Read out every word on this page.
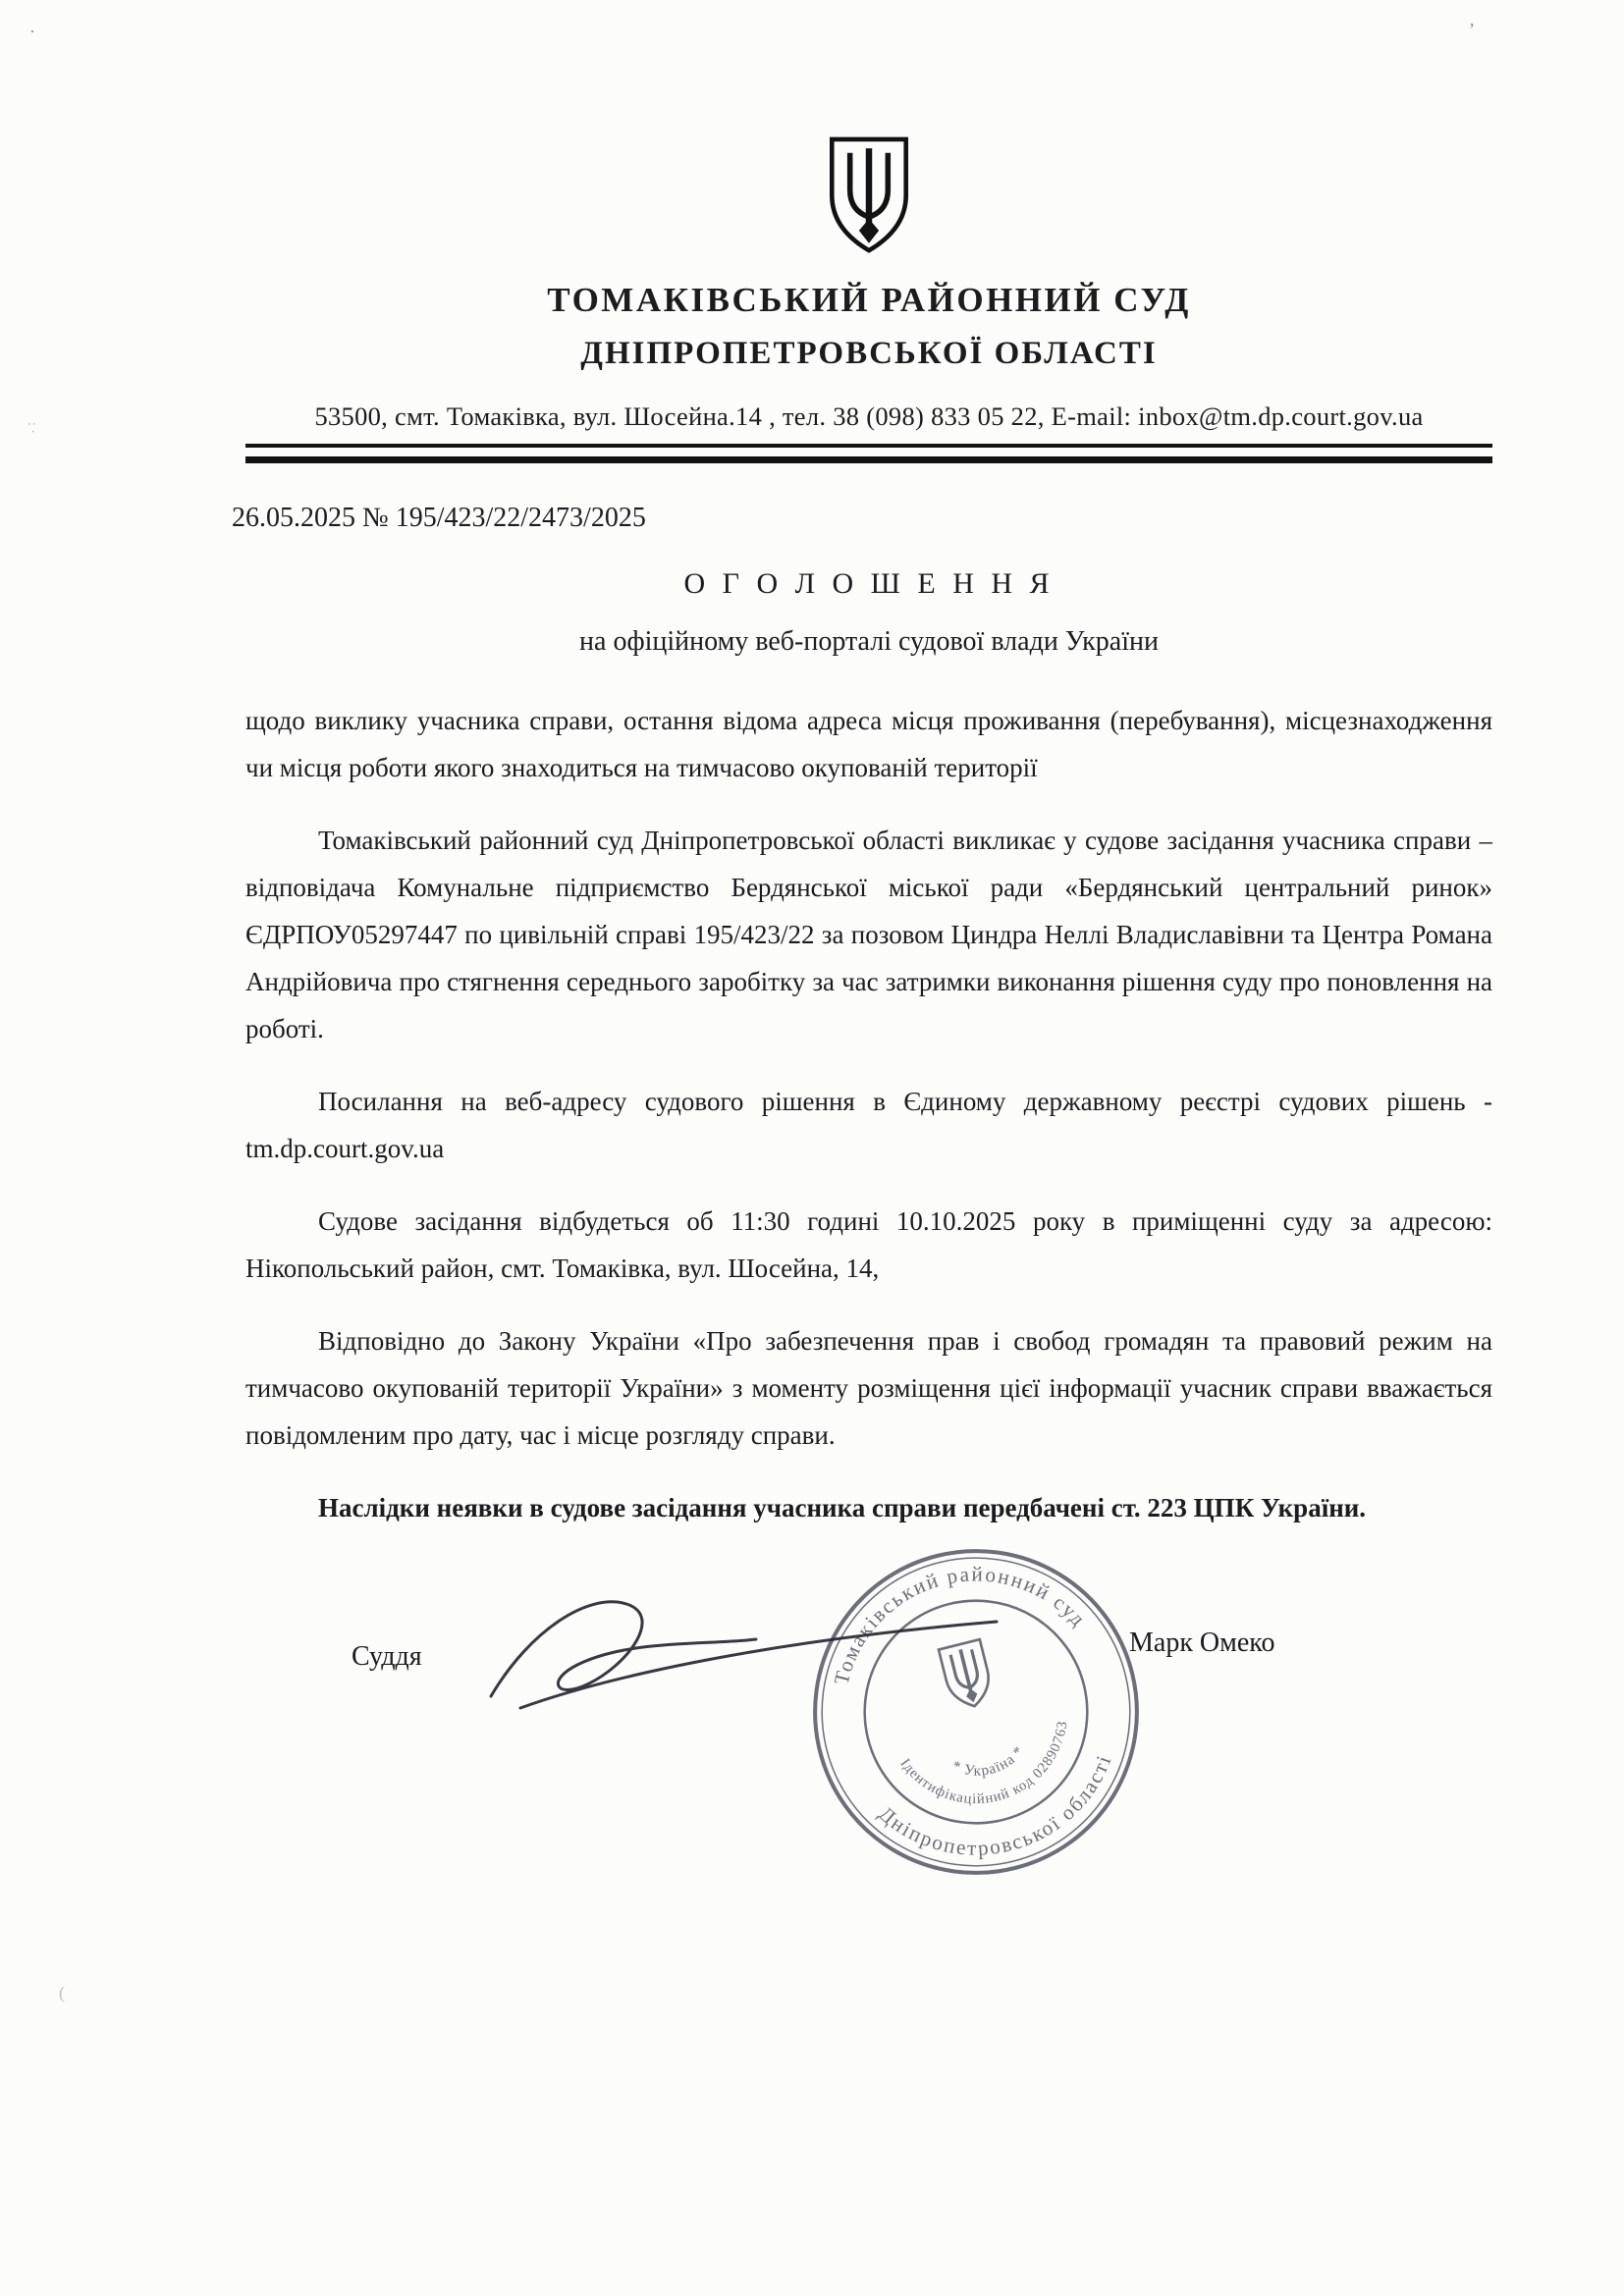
·	’
: ·
(
ТОМАКІВСЬКИЙ РАЙОННИЙ СУД
ДНІПРОПЕТРОВСЬКОЇ ОБЛАСТІ
53500, смт. Томаківка, вул. Шосейна.14 , тел. 38 (098) 833 05 22, E-mail: inbox@tm.dp.court.gov.ua
26.05.2025 № 195/423/22/2473/2025
О Г О Л О Ш Е Н Н Я
на офіційному веб-порталі судової влади України

щодо виклику учасника справи, остання відома адреса місця проживання (перебування), місцезнаходження чи місця роботи якого знаходиться на тимчасово окупованій території

Томаківський районний суд Дніпропетровської області викликає у судове засідання учасника справи – відповідача Комунальне підприємство Бердянської міської ради «Бердянський центральний ринок» ЄДРПОУ05297447 по цивільній справі 195/423/22 за позовом Циндра Неллі Владиславівни та Центра Романа Андрійовича про стягнення середнього заробітку за час затримки виконання рішення суду про поновлення на роботі.

Посилання на веб-адресу судового рішення в Єдиному державному реєстрі судових рішень - tm.dp.court.gov.ua

Судове засідання відбудеться об 11:30 годині 10.10.2025 року в приміщенні суду за адресою: Нікопольський район, смт. Томаківка, вул. Шосейна, 14,

Відповідно до Закону України «Про забезпечення прав і свобод громадян та правовий режим на тимчасово окупованій території України» з моменту розміщення цієї інформації учасник справи вважається повідомленим про дату, час і місце розгляду справи.

Наслідки неявки в судове засідання учасника справи передбачені ст. 223 ЦПК України.

Суддя	Марк Омеко
Томаківський районний суд
Дніпропетровської області
Ідентифікаційний код 02890763
* Україна *
